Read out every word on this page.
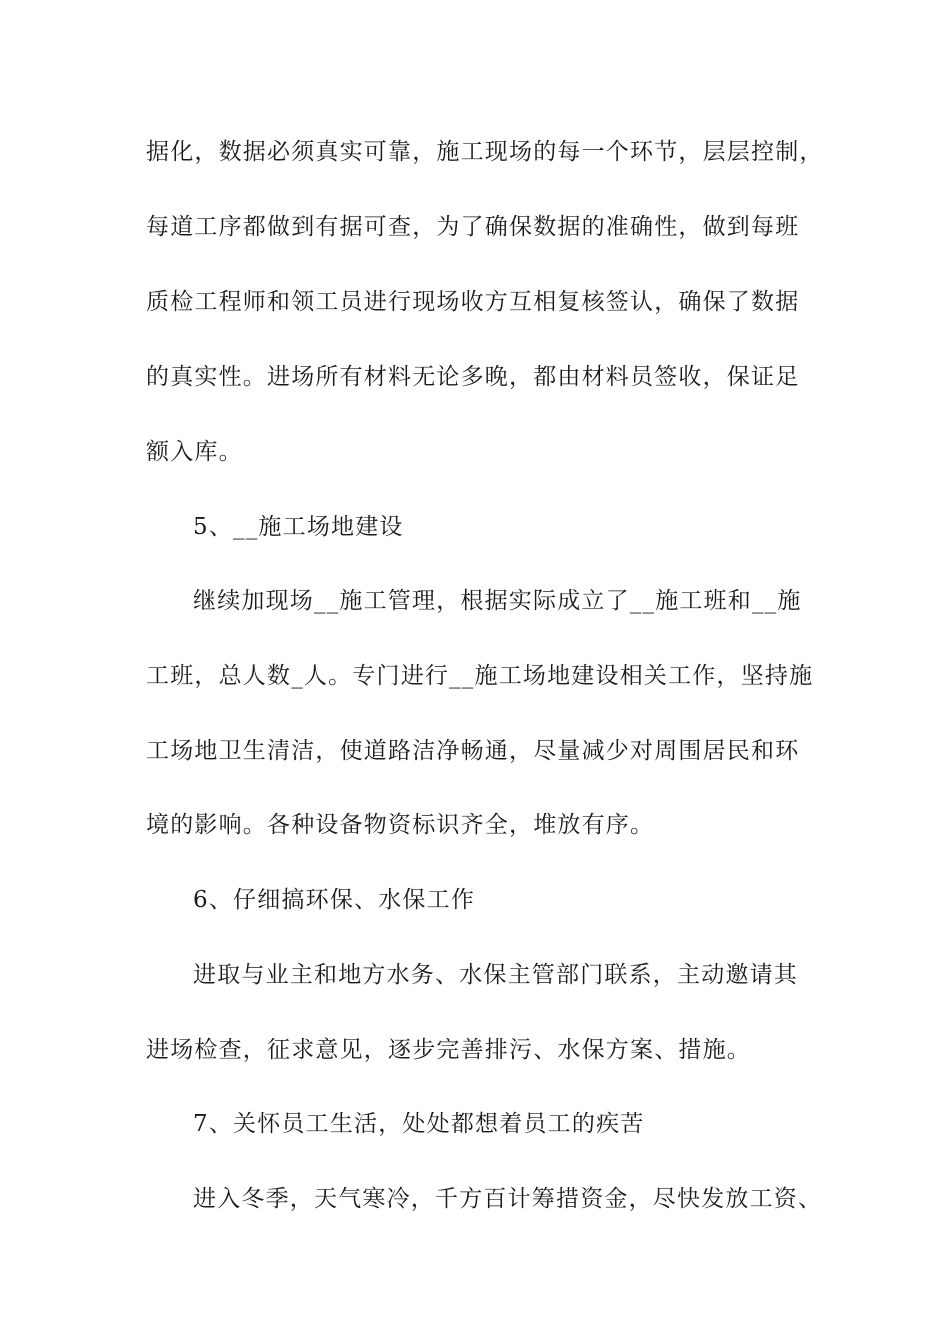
据化，数据必须真实可靠，施工现场的每一个环节，层层控制，
每道工序都做到有据可查，为了确保数据的准确性，做到每班
质检工程师和领工员进行现场收方互相复核签认，确保了数据
的真实性。进场所有材料无论多晚，都由材料员签收，保证足
额入库。
5、__施工场地建设
继续加现场__施工管理，根据实际成立了__施工班和__施
工班，总人数_人。专门进行__施工场地建设相关工作，坚持施
工场地卫生清洁，使道路洁净畅通，尽量减少对周围居民和环
境的影响。各种设备物资标识齐全，堆放有序。
6、仔细搞环保、水保工作
进取与业主和地方水务、水保主管部门联系，主动邀请其
进场检查，征求意见，逐步完善排污、水保方案、措施。
7、关怀员工生活，处处都想着员工的疾苦
进入冬季，天气寒冷，千方百计筹措资金，尽快发放工资、
